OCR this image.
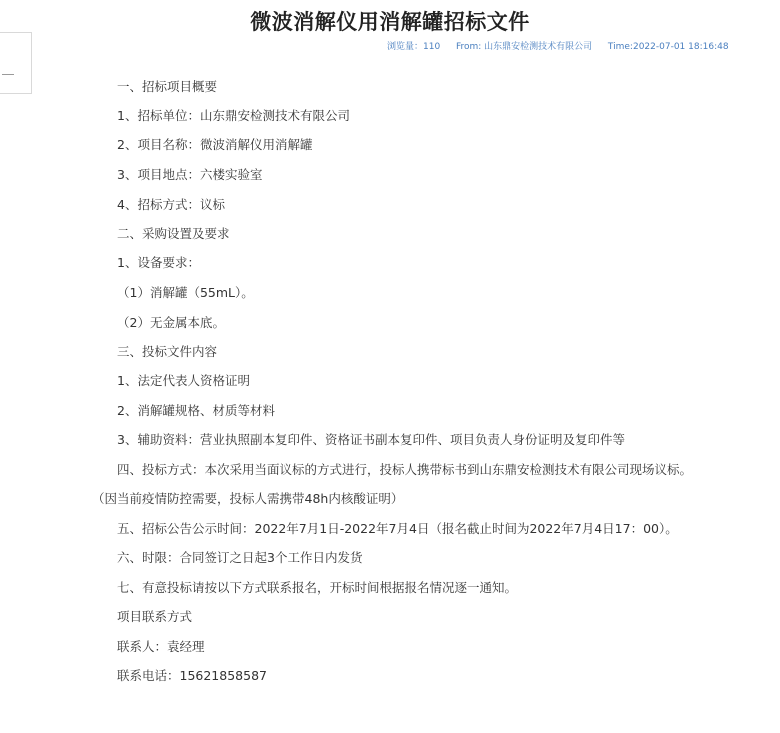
微波消解仪用消解罐招标文件
浏览量：110 From: 山东鼎安检测技术有限公司 Time:2022-07-01 18:16:48

一、招标项目概要

1、招标单位：山东鼎安检测技术有限公司

2、项目名称：微波消解仪用消解罐

3、项目地点：六楼实验室

4、招标方式：议标

二、采购设置及要求

1、设备要求：

（1）消解罐（55mL）。

（2）无金属本底。

三、投标文件内容

1、法定代表人资格证明

2、消解罐规格、材质等材料

3、辅助资料：营业执照副本复印件、资格证书副本复印件、项目负责人身份证明及复印件等

四、投标方式：本次采用当面议标的方式进行，投标人携带标书到山东鼎安检测技术有限公司现场议标。（因当前疫情防控需要，投标人需携带48h内核酸证明）

五、招标公告公示时间：2022年7月1日-2022年7月4日（报名截止时间为2022年7月4日17：00）。

六、时限：合同签订之日起3个工作日内发货

七、有意投标请按以下方式联系报名，开标时间根据报名情况逐一通知。

项目联系方式

联系人：袁经理

联系电话：15621858587
